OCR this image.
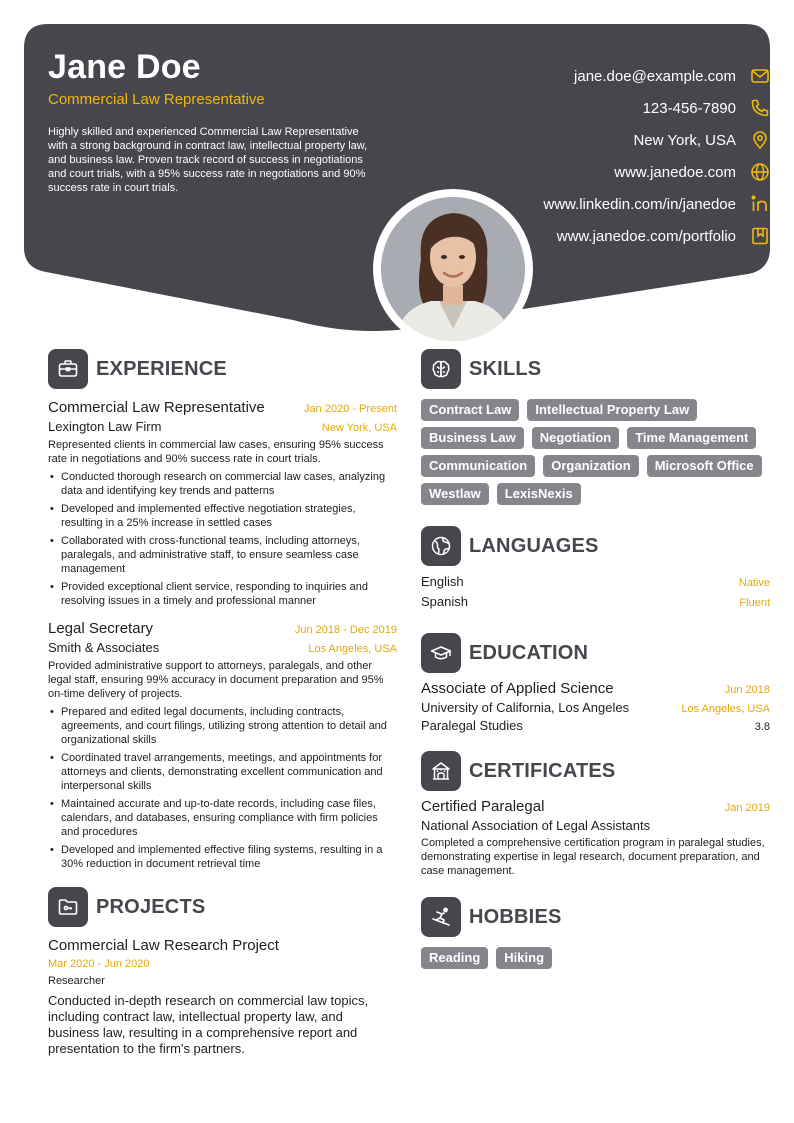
Jane Doe
Commercial Law Representative
Highly skilled and experienced Commercial Law Representative with a strong background in contract law, intellectual property law, and business law. Proven track record of success in negotiations and court trials, with a 95% success rate in negotiations and 90% success rate in court trials.
jane.doe@example.com
123-456-7890
New York, USA
www.janedoe.com
www.linkedin.com/in/janedoe
www.janedoe.com/portfolio
EXPERIENCE
Commercial Law Representative	Jan 2020 - Present
Lexington Law Firm	New York, USA
Represented clients in commercial law cases, ensuring 95% success rate in negotiations and 90% success rate in court trials.
• Conducted thorough research on commercial law cases, analyzing data and identifying key trends and patterns
• Developed and implemented effective negotiation strategies, resulting in a 25% increase in settled cases
• Collaborated with cross-functional teams, including attorneys, paralegals, and administrative staff, to ensure seamless case management
• Provided exceptional client service, responding to inquiries and resolving issues in a timely and professional manner
Legal Secretary	Jun 2018 - Dec 2019
Smith & Associates	Los Angeles, USA
Provided administrative support to attorneys, paralegals, and other legal staff, ensuring 99% accuracy in document preparation and 95% on-time delivery of projects.
• Prepared and edited legal documents, including contracts, agreements, and court filings, utilizing strong attention to detail and organizational skills
• Coordinated travel arrangements, meetings, and appointments for attorneys and clients, demonstrating excellent communication and interpersonal skills
• Maintained accurate and up-to-date records, including case files, calendars, and databases, ensuring compliance with firm policies and procedures
• Developed and implemented effective filing systems, resulting in a 30% reduction in document retrieval time
PROJECTS
Commercial Law Research Project
Mar 2020 - Jun 2020
Researcher
Conducted in-depth research on commercial law topics, including contract law, intellectual property law, and business law, resulting in a comprehensive report and presentation to the firm's partners.
SKILLS
Contract Law	Intellectual Property Law
Business Law	Negotiation	Time Management
Communication	Organization	Microsoft Office
Westlaw	LexisNexis
LANGUAGES
English	Native
Spanish	Fluent
EDUCATION
Associate of Applied Science	Jun 2018
University of California, Los Angeles	Los Angeles, USA
Paralegal Studies	3.8
CERTIFICATES
Certified Paralegal	Jan 2019
National Association of Legal Assistants
Completed a comprehensive certification program in paralegal studies, demonstrating expertise in legal research, document preparation, and case management.
HOBBIES
Reading	Hiking
